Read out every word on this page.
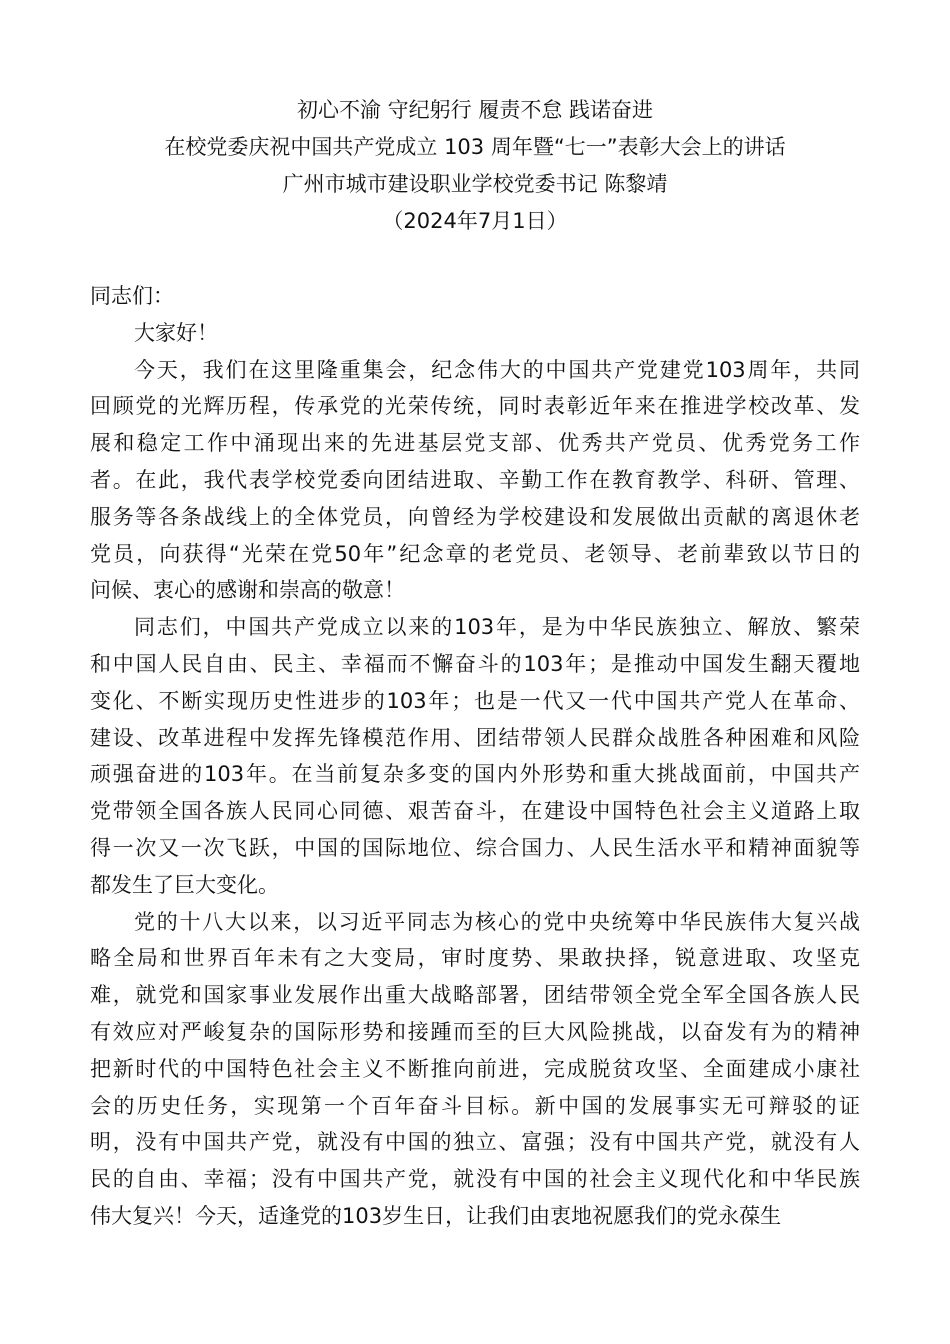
初心不渝 守纪躬行 履责不怠 践诺奋进
在校党委庆祝中国共产党成立 103 周年暨“七一”表彰大会上的讲话
广州市城市建设职业学校党委书记 陈黎靖
（2024年7月1日）
同志们：
大家好！
今天，我们在这里隆重集会，纪念伟大的中国共产党建党103周年，共同
回顾党的光辉历程，传承党的光荣传统，同时表彰近年来在推进学校改革、发
展和稳定工作中涌现出来的先进基层党支部、优秀共产党员、优秀党务工作
者。在此，我代表学校党委向团结进取、辛勤工作在教育教学、科研、管理、
服务等各条战线上的全体党员，向曾经为学校建设和发展做出贡献的离退休老
党员，向获得“光荣在党50年”纪念章的老党员、老领导、老前辈致以节日的
问候、衷心的感谢和崇高的敬意！
同志们，中国共产党成立以来的103年，是为中华民族独立、解放、繁荣
和中国人民自由、民主、幸福而不懈奋斗的103年；是推动中国发生翻天覆地
变化、不断实现历史性进步的103年；也是一代又一代中国共产党人在革命、
建设、改革进程中发挥先锋模范作用、团结带领人民群众战胜各种困难和风险
顽强奋进的103年。在当前复杂多变的国内外形势和重大挑战面前，中国共产
党带领全国各族人民同心同德、艰苦奋斗，在建设中国特色社会主义道路上取
得一次又一次飞跃，中国的国际地位、综合国力、人民生活水平和精神面貌等
都发生了巨大变化。
党的十八大以来，以习近平同志为核心的党中央统筹中华民族伟大复兴战
略全局和世界百年未有之大变局，审时度势、果敢抉择，锐意进取、攻坚克
难，就党和国家事业发展作出重大战略部署，团结带领全党全军全国各族人民
有效应对严峻复杂的国际形势和接踵而至的巨大风险挑战，以奋发有为的精神
把新时代的中国特色社会主义不断推向前进，完成脱贫攻坚、全面建成小康社
会的历史任务，实现第一个百年奋斗目标。新中国的发展事实无可辩驳的证
明，没有中国共产党，就没有中国的独立、富强；没有中国共产党，就没有人
民的自由、幸福；没有中国共产党，就没有中国的社会主义现代化和中华民族
伟大复兴！今天，适逢党的103岁生日，让我们由衷地祝愿我们的党永葆生
